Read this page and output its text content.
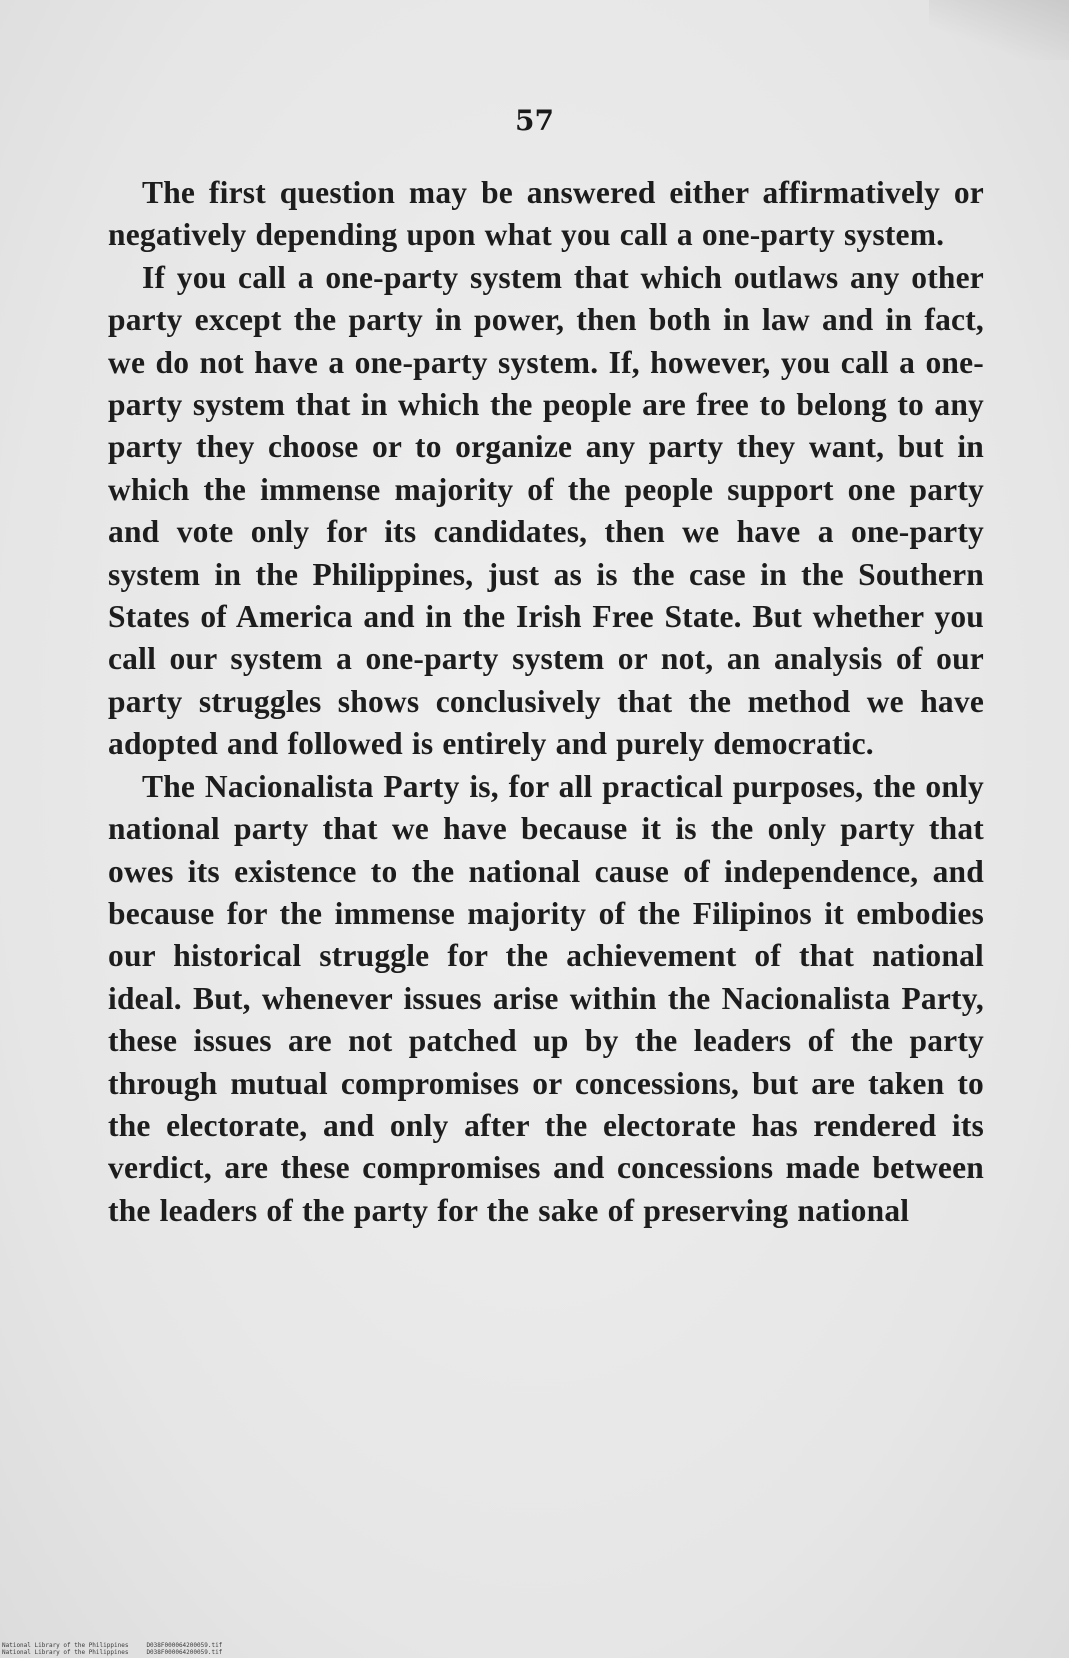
57

The first question may be answered either affirmatively or negatively depending upon what you call a one-party system.

If you call a one-party system that which outlaws any other party except the party in power, then both in law and in fact, we do not have a one-party system. If, however, you call a one-party system that in which the people are free to belong to any party they choose or to organize any party they want, but in which the immense majority of the people support one party and vote only for its candidates, then we have a one-party system in the Philippines, just as is the case in the Southern States of America and in the Irish Free State. But whether you call our system a one-party system or not, an analysis of our party struggles shows conclusively that the method we have adopted and followed is entirely and purely democratic.

The Nacionalista Party is, for all practical purposes, the only national party that we have because it is the only party that owes its existence to the national cause of independence, and because for the immense majority of the Filipinos it embodies our historical struggle for the achievement of that national ideal. But, whenever issues arise within the Nacionalista Party, these issues are not patched up by the leaders of the party through mutual compromises or concessions, but are taken to the electorate, and only after the electorate has rendered its verdict, are these compromises and concessions made between the leaders of the party for the sake of preserving national

National Library of the Philippines	D038F000064200059.tif
National Library of the Philippines	D038F000064200059.tif
